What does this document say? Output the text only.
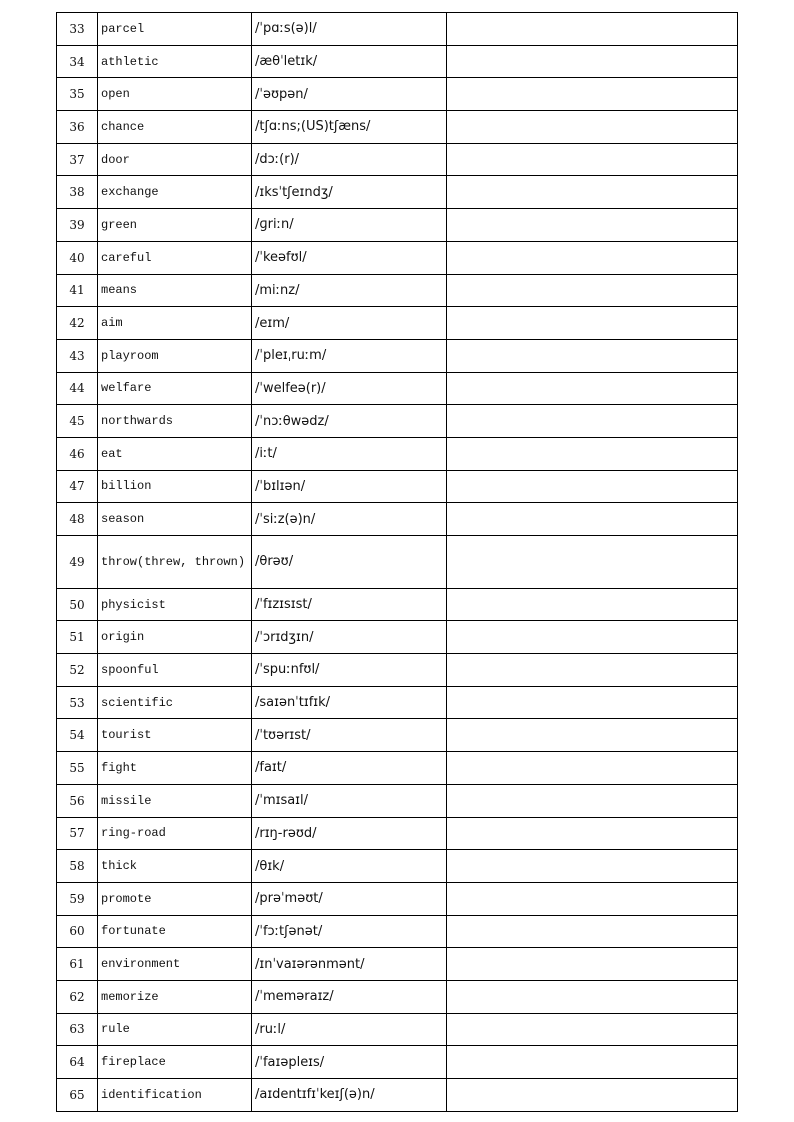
33	parcel	/ˈpɑːs(ə)l/	
34	athletic	/æθˈletɪk/	
35	open	/ˈəʊpən/	
36	chance	/tʃɑːns;(US)tʃæns/	
37	door	/dɔː(r)/	
38	exchange	/ɪksˈtʃeɪndʒ/	
39	green	/ɡriːn/	
40	careful	/ˈkeəfʊl/	
41	means	/miːnz/	
42	aim	/eɪm/	
43	playroom	/ˈpleɪˌruːm/	
44	welfare	/ˈwelfeə(r)/	
45	northwards	/ˈnɔːθwədz/	
46	eat	/iːt/	
47	billion	/ˈbɪlɪən/	
48	season	/ˈsiːz(ə)n/	
49	throw(threw, thrown)	/θrəʊ/	
50	physicist	/ˈfɪzɪsɪst/	
51	origin	/ˈɔrɪdʒɪn/	
52	spoonful	/ˈspuːnfʊl/	
53	scientific	/saɪənˈtɪfɪk/	
54	tourist	/ˈtʊərɪst/	
55	fight	/faɪt/	
56	missile	/ˈmɪsaɪl/	
57	ring-road	/rɪŋ-rəʊd/	
58	thick	/θɪk/	
59	promote	/prəˈməʊt/	
60	fortunate	/ˈfɔːtʃənət/	
61	environment	/ɪnˈvaɪərənmənt/	
62	memorize	/ˈmeməraɪz/	
63	rule	/ruːl/	
64	fireplace	/ˈfaɪəpleɪs/	
65	identification	/aɪdentɪfɪˈkeɪʃ(ə)n/	
